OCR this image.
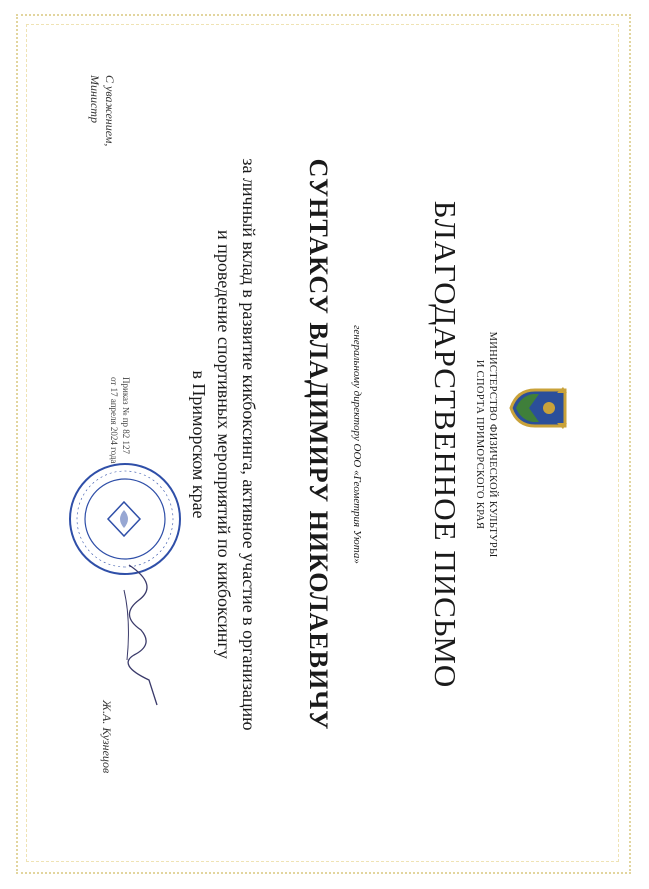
МИНИСТЕРСТВО ФИЗИЧЕСКОЙ КУЛЬТУРЫ
И СПОРТА ПРИМОРСКОГО КРАЯ
БЛАГОДАРСТВЕННОЕ ПИСЬМО
генеральному директору ООО «Геометрия Уюта»
СУНТАКСУ ВЛАДИМИРУ НИКОЛАЕВИЧУ
за личный вклад в развитие кикбоксинга, активное участие в организацию
и проведение спортивных мероприятий по кикбоксингу
в Приморском крае
С уважением,
Министр
Приказ № пр 82 127
от 17 апреля 2024 года
Ж.А. Кузнецов
